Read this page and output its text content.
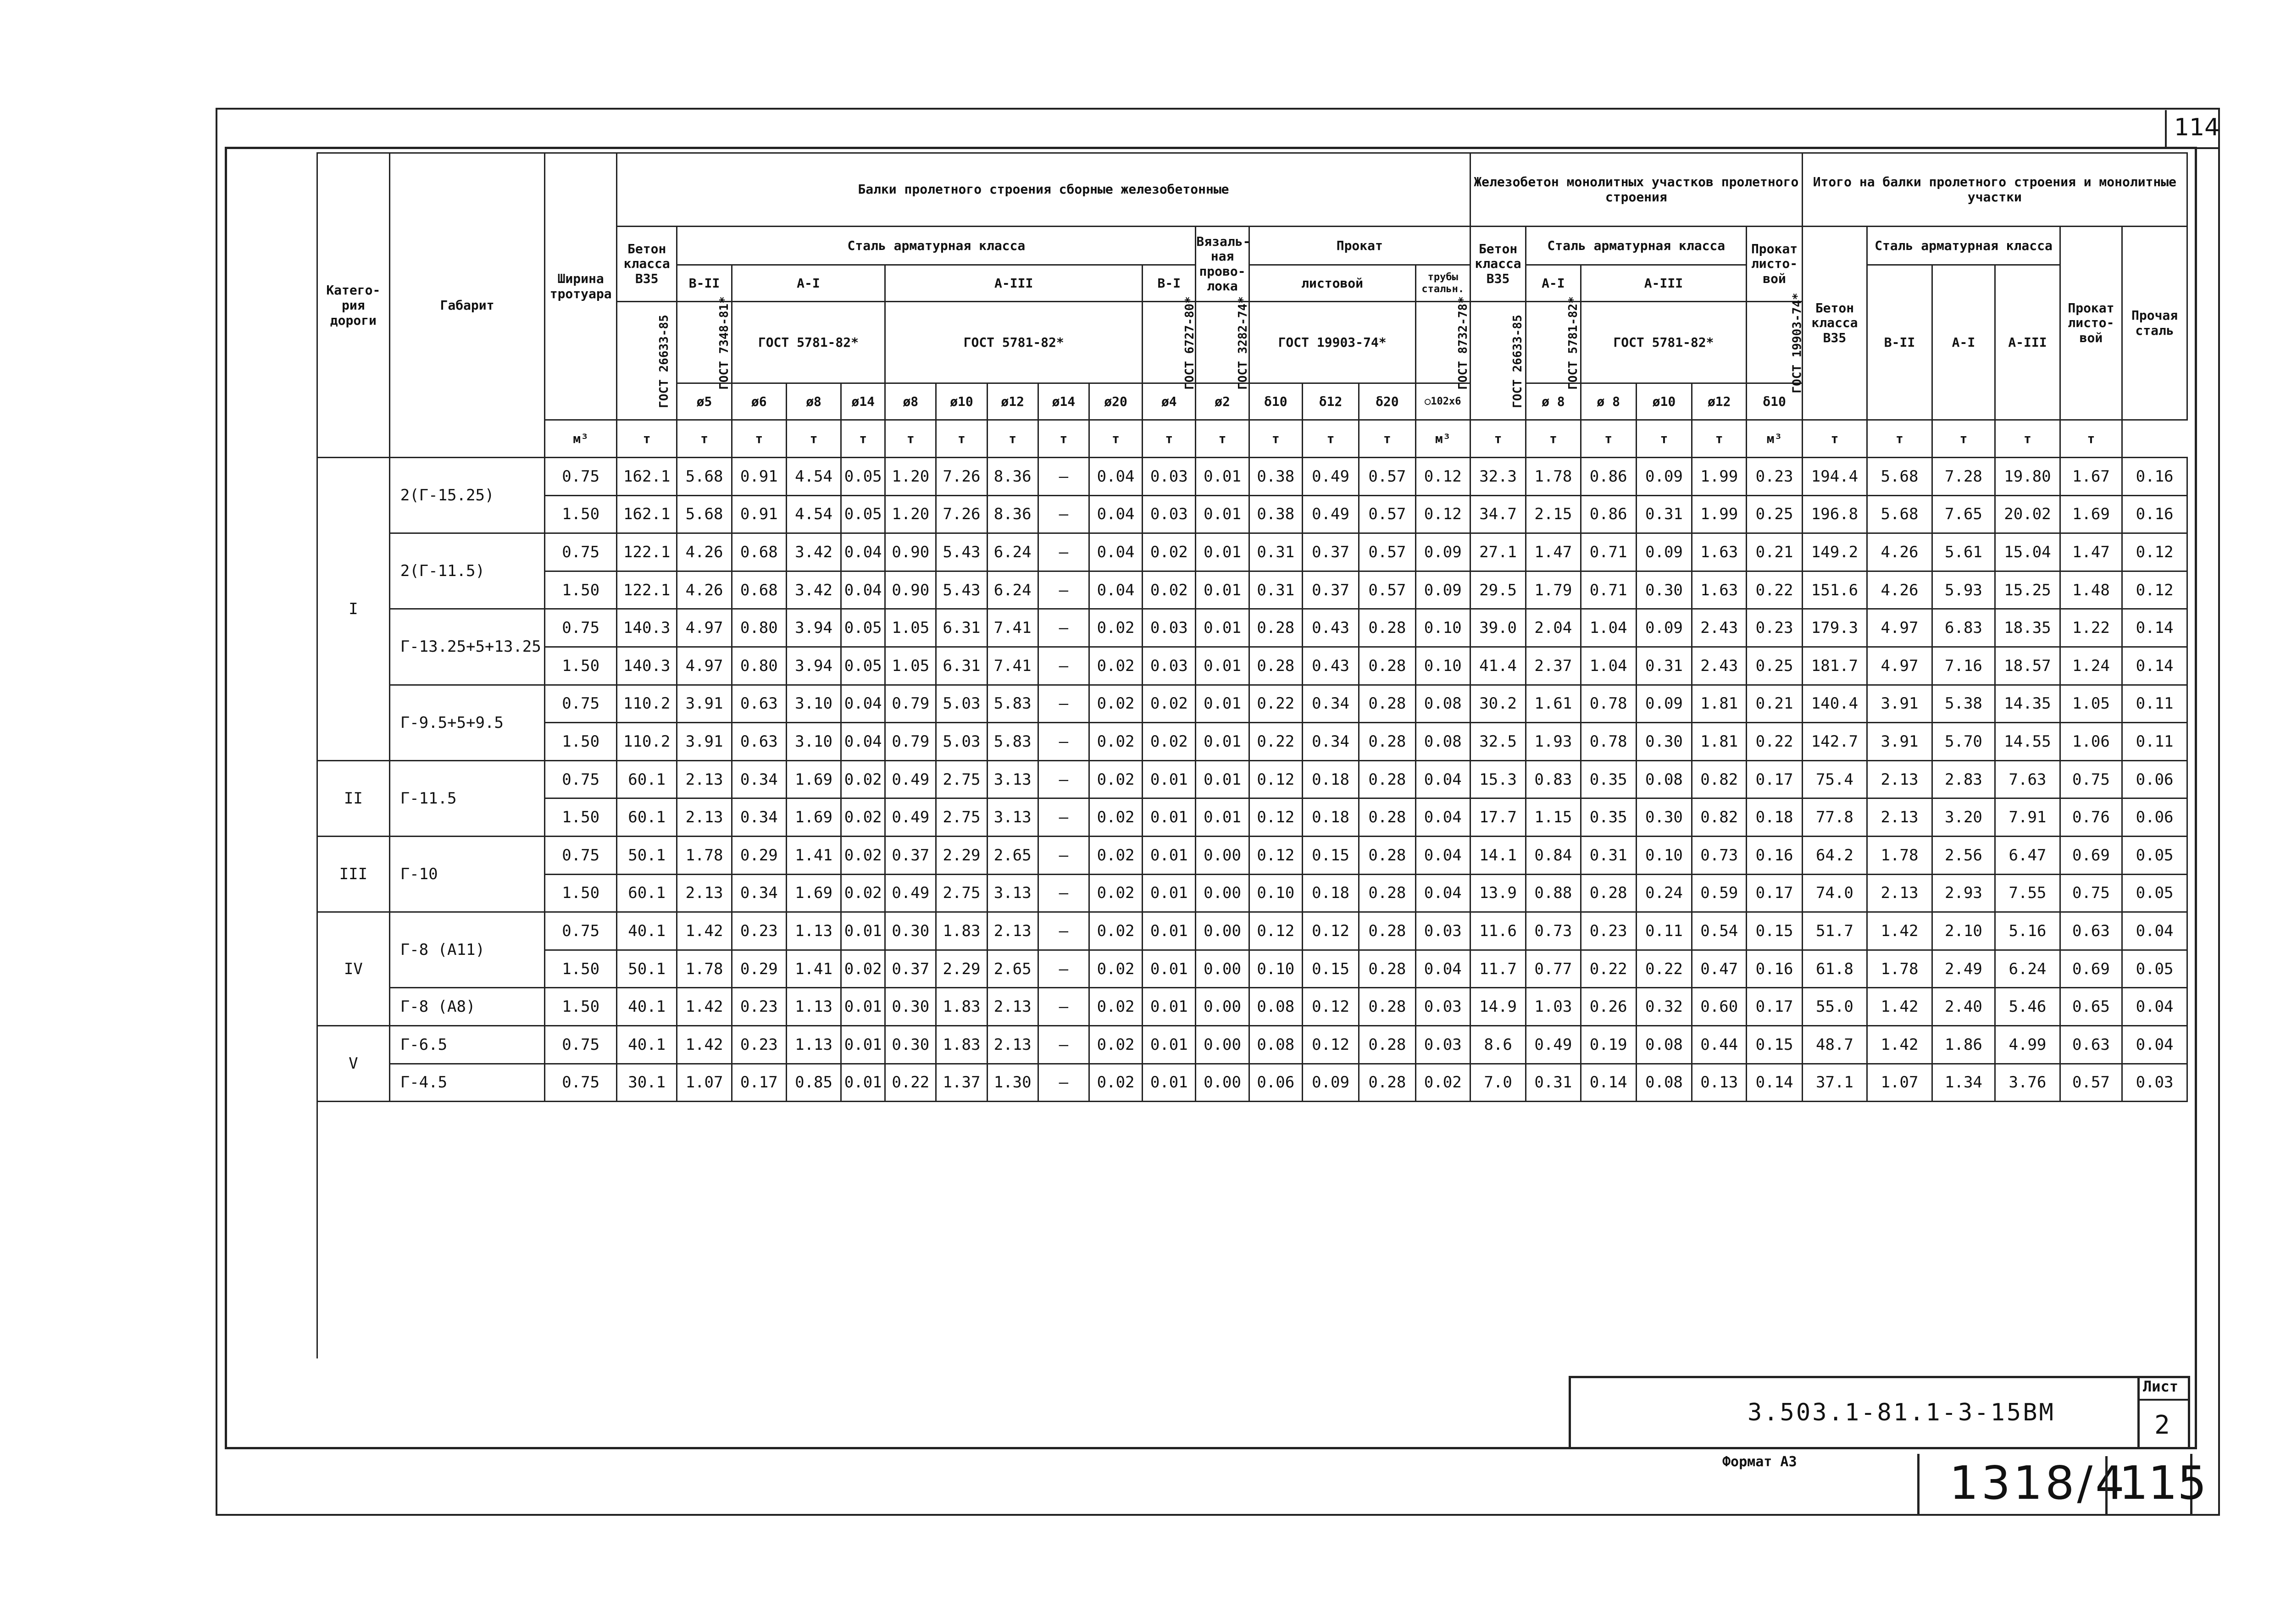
114
Катего-рия дороги	Габарит	Ширина тротуара	Балки пролетного строения сборные железобетонные																Железобетон монолитных участков пролетного строения						Итого на балки пролетного строения и монолитные участки					
			Бетон класса В35	Сталь арматурная класса										Вязаль-ная прово-лока	Прокат				Бетон класса В35	Сталь арматурная класса				Прокат листо-вой	Бетон класса В35	Сталь арматурная класса			Прокат листо-вой	Прочая сталь
				В-II	А-I			А-III					В-I		листовой			трубы стальн.		А-I	А-III					В-II	А-I	А-III		
			ГОСТ 26633-85	ГОСТ 7348-81*	ГОСТ 5781-82*			ГОСТ 5781-82*					ГОСТ 6727-80*	ГОСТ 3282-74*	ГОСТ 19903-74*			ГОСТ 8732-78*	ГОСТ 26633-85	ГОСТ 5781-82*	ГОСТ 5781-82*			ГОСТ 19903-74*						
				ø5	ø6	ø8	ø14	ø8	ø10	ø12	ø14	ø20	ø4	ø2	δ10	δ12	δ20	○102х6		ø 8	ø 8	ø10	ø12	δ10						
		м³	т	т	т	т	т	т	т	т	т	т	т	т	т	т	т	м³	т	т	т	т	т	м³	т	т	т	т	т	
I	2(Г-15.25)	0.75	162.1	5.68	0.91	4.54	0.05	1.20	7.26	8.36	–	0.04	0.03	0.01	0.38	0.49	0.57	0.12	32.3	1.78	0.86	0.09	1.99	0.23	194.4	5.68	7.28	19.80	1.67	0.16
		1.50	162.1	5.68	0.91	4.54	0.05	1.20	7.26	8.36	–	0.04	0.03	0.01	0.38	0.49	0.57	0.12	34.7	2.15	0.86	0.31	1.99	0.25	196.8	5.68	7.65	20.02	1.69	0.16
	2(Г-11.5)	0.75	122.1	4.26	0.68	3.42	0.04	0.90	5.43	6.24	–	0.04	0.02	0.01	0.31	0.37	0.57	0.09	27.1	1.47	0.71	0.09	1.63	0.21	149.2	4.26	5.61	15.04	1.47	0.12
		1.50	122.1	4.26	0.68	3.42	0.04	0.90	5.43	6.24	–	0.04	0.02	0.01	0.31	0.37	0.57	0.09	29.5	1.79	0.71	0.30	1.63	0.22	151.6	4.26	5.93	15.25	1.48	0.12
	Г-13.25+5+13.25	0.75	140.3	4.97	0.80	3.94	0.05	1.05	6.31	7.41	–	0.02	0.03	0.01	0.28	0.43	0.28	0.10	39.0	2.04	1.04	0.09	2.43	0.23	179.3	4.97	6.83	18.35	1.22	0.14
		1.50	140.3	4.97	0.80	3.94	0.05	1.05	6.31	7.41	–	0.02	0.03	0.01	0.28	0.43	0.28	0.10	41.4	2.37	1.04	0.31	2.43	0.25	181.7	4.97	7.16	18.57	1.24	0.14
	Г-9.5+5+9.5	0.75	110.2	3.91	0.63	3.10	0.04	0.79	5.03	5.83	–	0.02	0.02	0.01	0.22	0.34	0.28	0.08	30.2	1.61	0.78	0.09	1.81	0.21	140.4	3.91	5.38	14.35	1.05	0.11
		1.50	110.2	3.91	0.63	3.10	0.04	0.79	5.03	5.83	–	0.02	0.02	0.01	0.22	0.34	0.28	0.08	32.5	1.93	0.78	0.30	1.81	0.22	142.7	3.91	5.70	14.55	1.06	0.11
II	Г-11.5	0.75	60.1	2.13	0.34	1.69	0.02	0.49	2.75	3.13	–	0.02	0.01	0.01	0.12	0.18	0.28	0.04	15.3	0.83	0.35	0.08	0.82	0.17	75.4	2.13	2.83	7.63	0.75	0.06
		1.50	60.1	2.13	0.34	1.69	0.02	0.49	2.75	3.13	–	0.02	0.01	0.01	0.12	0.18	0.28	0.04	17.7	1.15	0.35	0.30	0.82	0.18	77.8	2.13	3.20	7.91	0.76	0.06
III	Г-10	0.75	50.1	1.78	0.29	1.41	0.02	0.37	2.29	2.65	–	0.02	0.01	0.00	0.12	0.15	0.28	0.04	14.1	0.84	0.31	0.10	0.73	0.16	64.2	1.78	2.56	6.47	0.69	0.05
		1.50	60.1	2.13	0.34	1.69	0.02	0.49	2.75	3.13	–	0.02	0.01	0.00	0.10	0.18	0.28	0.04	13.9	0.88	0.28	0.24	0.59	0.17	74.0	2.13	2.93	7.55	0.75	0.05
IV	Г-8 (А11)	0.75	40.1	1.42	0.23	1.13	0.01	0.30	1.83	2.13	–	0.02	0.01	0.00	0.12	0.12	0.28	0.03	11.6	0.73	0.23	0.11	0.54	0.15	51.7	1.42	2.10	5.16	0.63	0.04
		1.50	50.1	1.78	0.29	1.41	0.02	0.37	2.29	2.65	–	0.02	0.01	0.00	0.10	0.15	0.28	0.04	11.7	0.77	0.22	0.22	0.47	0.16	61.8	1.78	2.49	6.24	0.69	0.05
	Г-8 (А8)	1.50	40.1	1.42	0.23	1.13	0.01	0.30	1.83	2.13	–	0.02	0.01	0.00	0.08	0.12	0.28	0.03	14.9	1.03	0.26	0.32	0.60	0.17	55.0	1.42	2.40	5.46	0.65	0.04
V	Г-6.5	0.75	40.1	1.42	0.23	1.13	0.01	0.30	1.83	2.13	–	0.02	0.01	0.00	0.08	0.12	0.28	0.03	8.6	0.49	0.19	0.08	0.44	0.15	48.7	1.42	1.86	4.99	0.63	0.04
	Г-4.5	0.75	30.1	1.07	0.17	0.85	0.01	0.22	1.37	1.30	–	0.02	0.01	0.00	0.06	0.09	0.28	0.02	7.0	0.31	0.14	0.08	0.13	0.14	37.1	1.07	1.34	3.76	0.57	0.03

3.503.1-81.1-3-15ВМ
Лист
2
Формат А3	1318/4
115
